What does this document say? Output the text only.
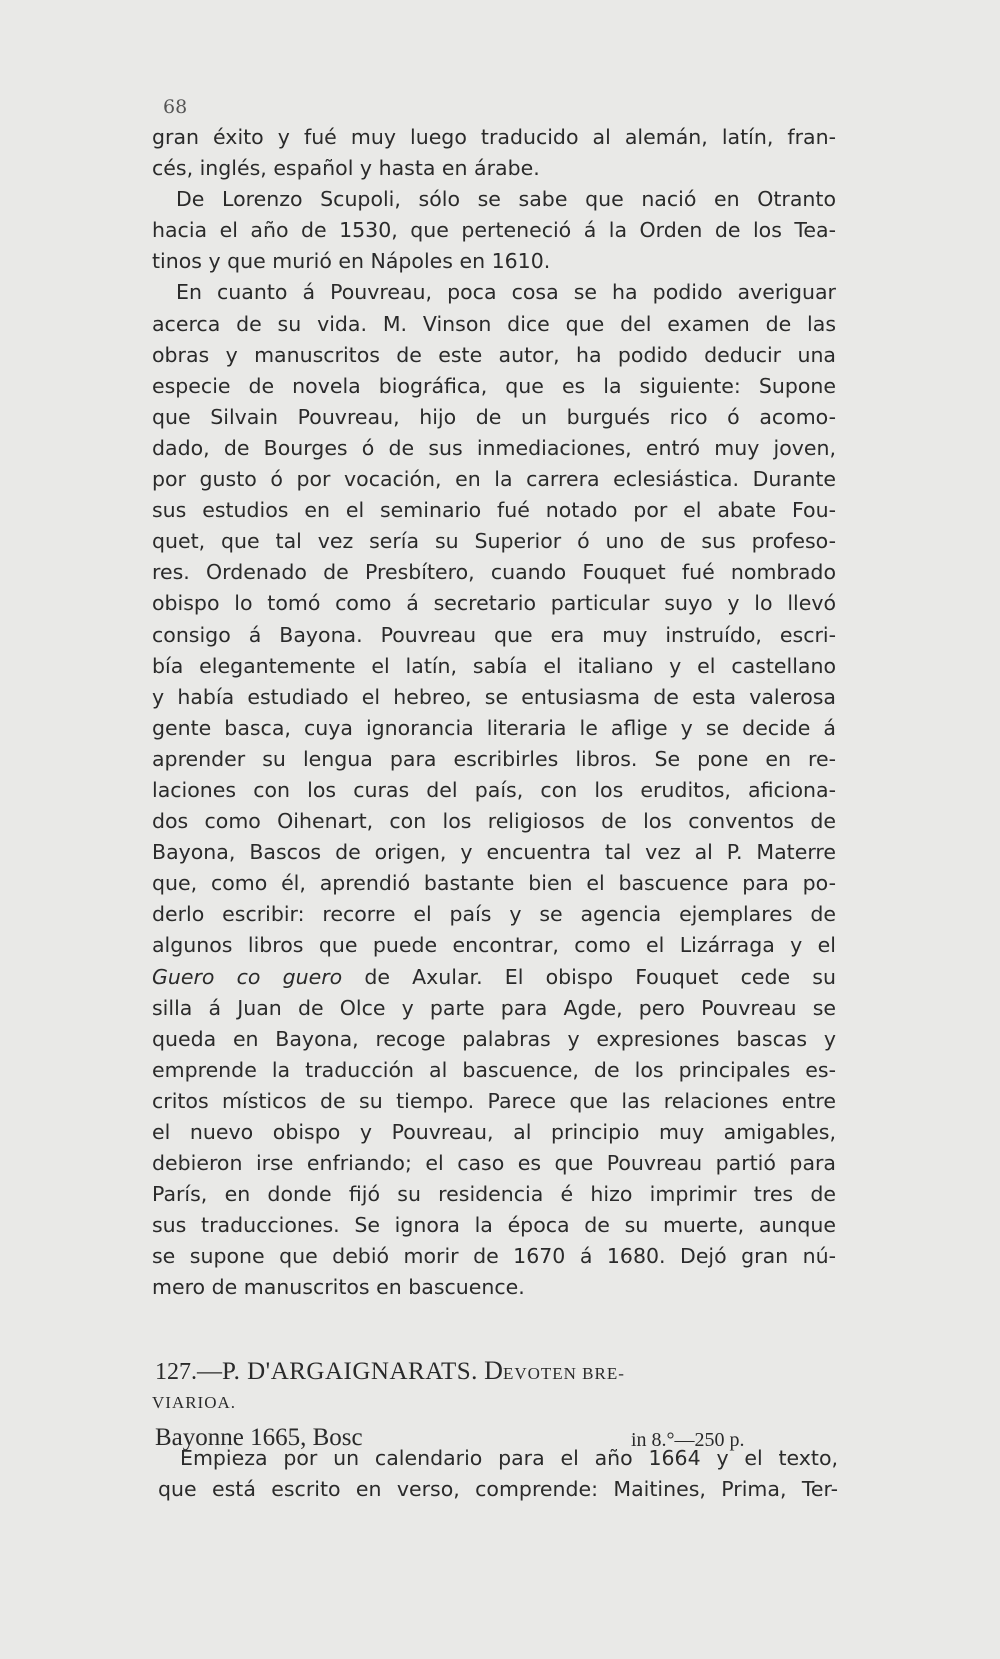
68
gran éxito y fué muy luego traducido al alemán, latín, fran-
cés, inglés, español y hasta en árabe.
De Lorenzo Scupoli, sólo se sabe que nació en Otranto
hacia el año de 1530, que perteneció á la Orden de los Tea-
tinos y que murió en Nápoles en 1610.
En cuanto á Pouvreau, poca cosa se ha podido averiguar
acerca de su vida. M. Vinson dice que del examen de las
obras y manuscritos de este autor, ha podido deducir una
especie de novela biográfica, que es la siguiente: Supone
que Silvain Pouvreau, hijo de un burgués rico ó acomo-
dado, de Bourges ó de sus inmediaciones, entró muy joven,
por gusto ó por vocación, en la carrera eclesiástica. Durante
sus estudios en el seminario fué notado por el abate Fou-
quet, que tal vez sería su Superior ó uno de sus profeso-
res. Ordenado de Presbítero, cuando Fouquet fué nombrado
obispo lo tomó como á secretario particular suyo y lo llevó
consigo á Bayona. Pouvreau que era muy instruído, escri-
bía elegantemente el latín, sabía el italiano y el castellano
y había estudiado el hebreo, se entusiasma de esta valerosa
gente basca, cuya ignorancia literaria le aflige y se decide á
aprender su lengua para escribirles libros. Se pone en re-
laciones con los curas del país, con los eruditos, aficiona-
dos como Oihenart, con los religiosos de los conventos de
Bayona, Bascos de origen, y encuentra tal vez al P. Materre
que, como él, aprendió bastante bien el bascuence para po-
derlo escribir: recorre el país y se agencia ejemplares de
algunos libros que puede encontrar, como el Lizárraga y el
Guero co guero de Axular. El obispo Fouquet cede su
silla á Juan de Olce y parte para Agde, pero Pouvreau se
queda en Bayona, recoge palabras y expresiones bascas y
emprende la traducción al bascuence, de los principales es-
critos místicos de su tiempo. Parece que las relaciones entre
el nuevo obispo y Pouvreau, al principio muy amigables,
debieron irse enfriando; el caso es que Pouvreau partió para
París, en donde fijó su residencia é hizo imprimir tres de
sus traducciones. Se ignora la época de su muerte, aunque
se supone que debió morir de 1670 á 1680. Dejó gran nú-
mero de manuscritos en bascuence.
127.—P. D'ARGAIGNARATS. DEVOTEN BRE-
VIARIOA.
Bayonne 1665, Bosc	in 8.°—250 p.
Empieza por un calendario para el año 1664 y el texto,
que está escrito en verso, comprende: Maitines, Prima, Ter-
